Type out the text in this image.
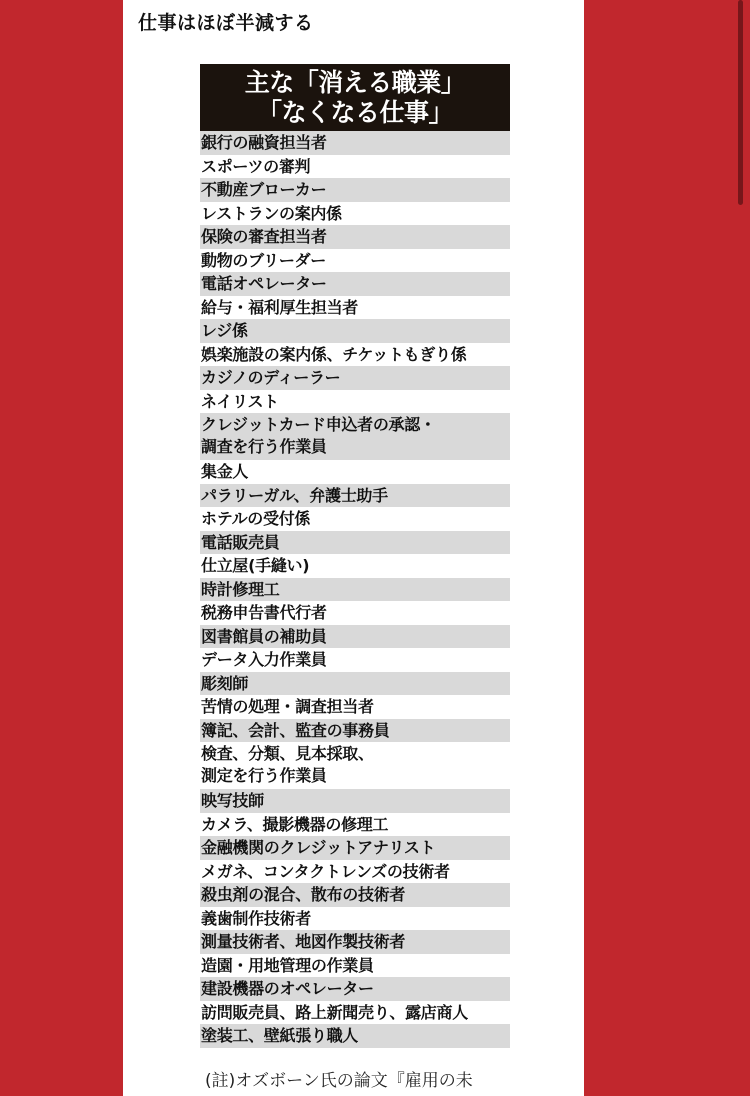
仕事はほぼ半減する
主な「消える職業」
「なくなる仕事」
銀行の融資担当者
スポーツの審判
不動産ブローカー
レストランの案内係
保険の審査担当者
動物のブリーダー
電話オペレーター
給与・福利厚生担当者
レジ係
娯楽施設の案内係、チケットもぎり係
カジノのディーラー
ネイリスト
クレジットカード申込者の承認・
調査を行う作業員
集金人
パラリーガル、弁護士助手
ホテルの受付係
電話販売員
仕立屋(手縫い)
時計修理工
税務申告書代行者
図書館員の補助員
データ入力作業員
彫刻師
苦情の処理・調査担当者
簿記、会計、監査の事務員
検査、分類、見本採取、
測定を行う作業員
映写技師
カメラ、撮影機器の修理工
金融機関のクレジットアナリスト
メガネ、コンタクトレンズの技術者
殺虫剤の混合、散布の技術者
義歯制作技術者
測量技術者、地図作製技術者
造園・用地管理の作業員
建設機器のオペレーター
訪問販売員、路上新聞売り、露店商人
塗装工、壁紙張り職人
(註)オズボーン氏の論文『雇用の未
